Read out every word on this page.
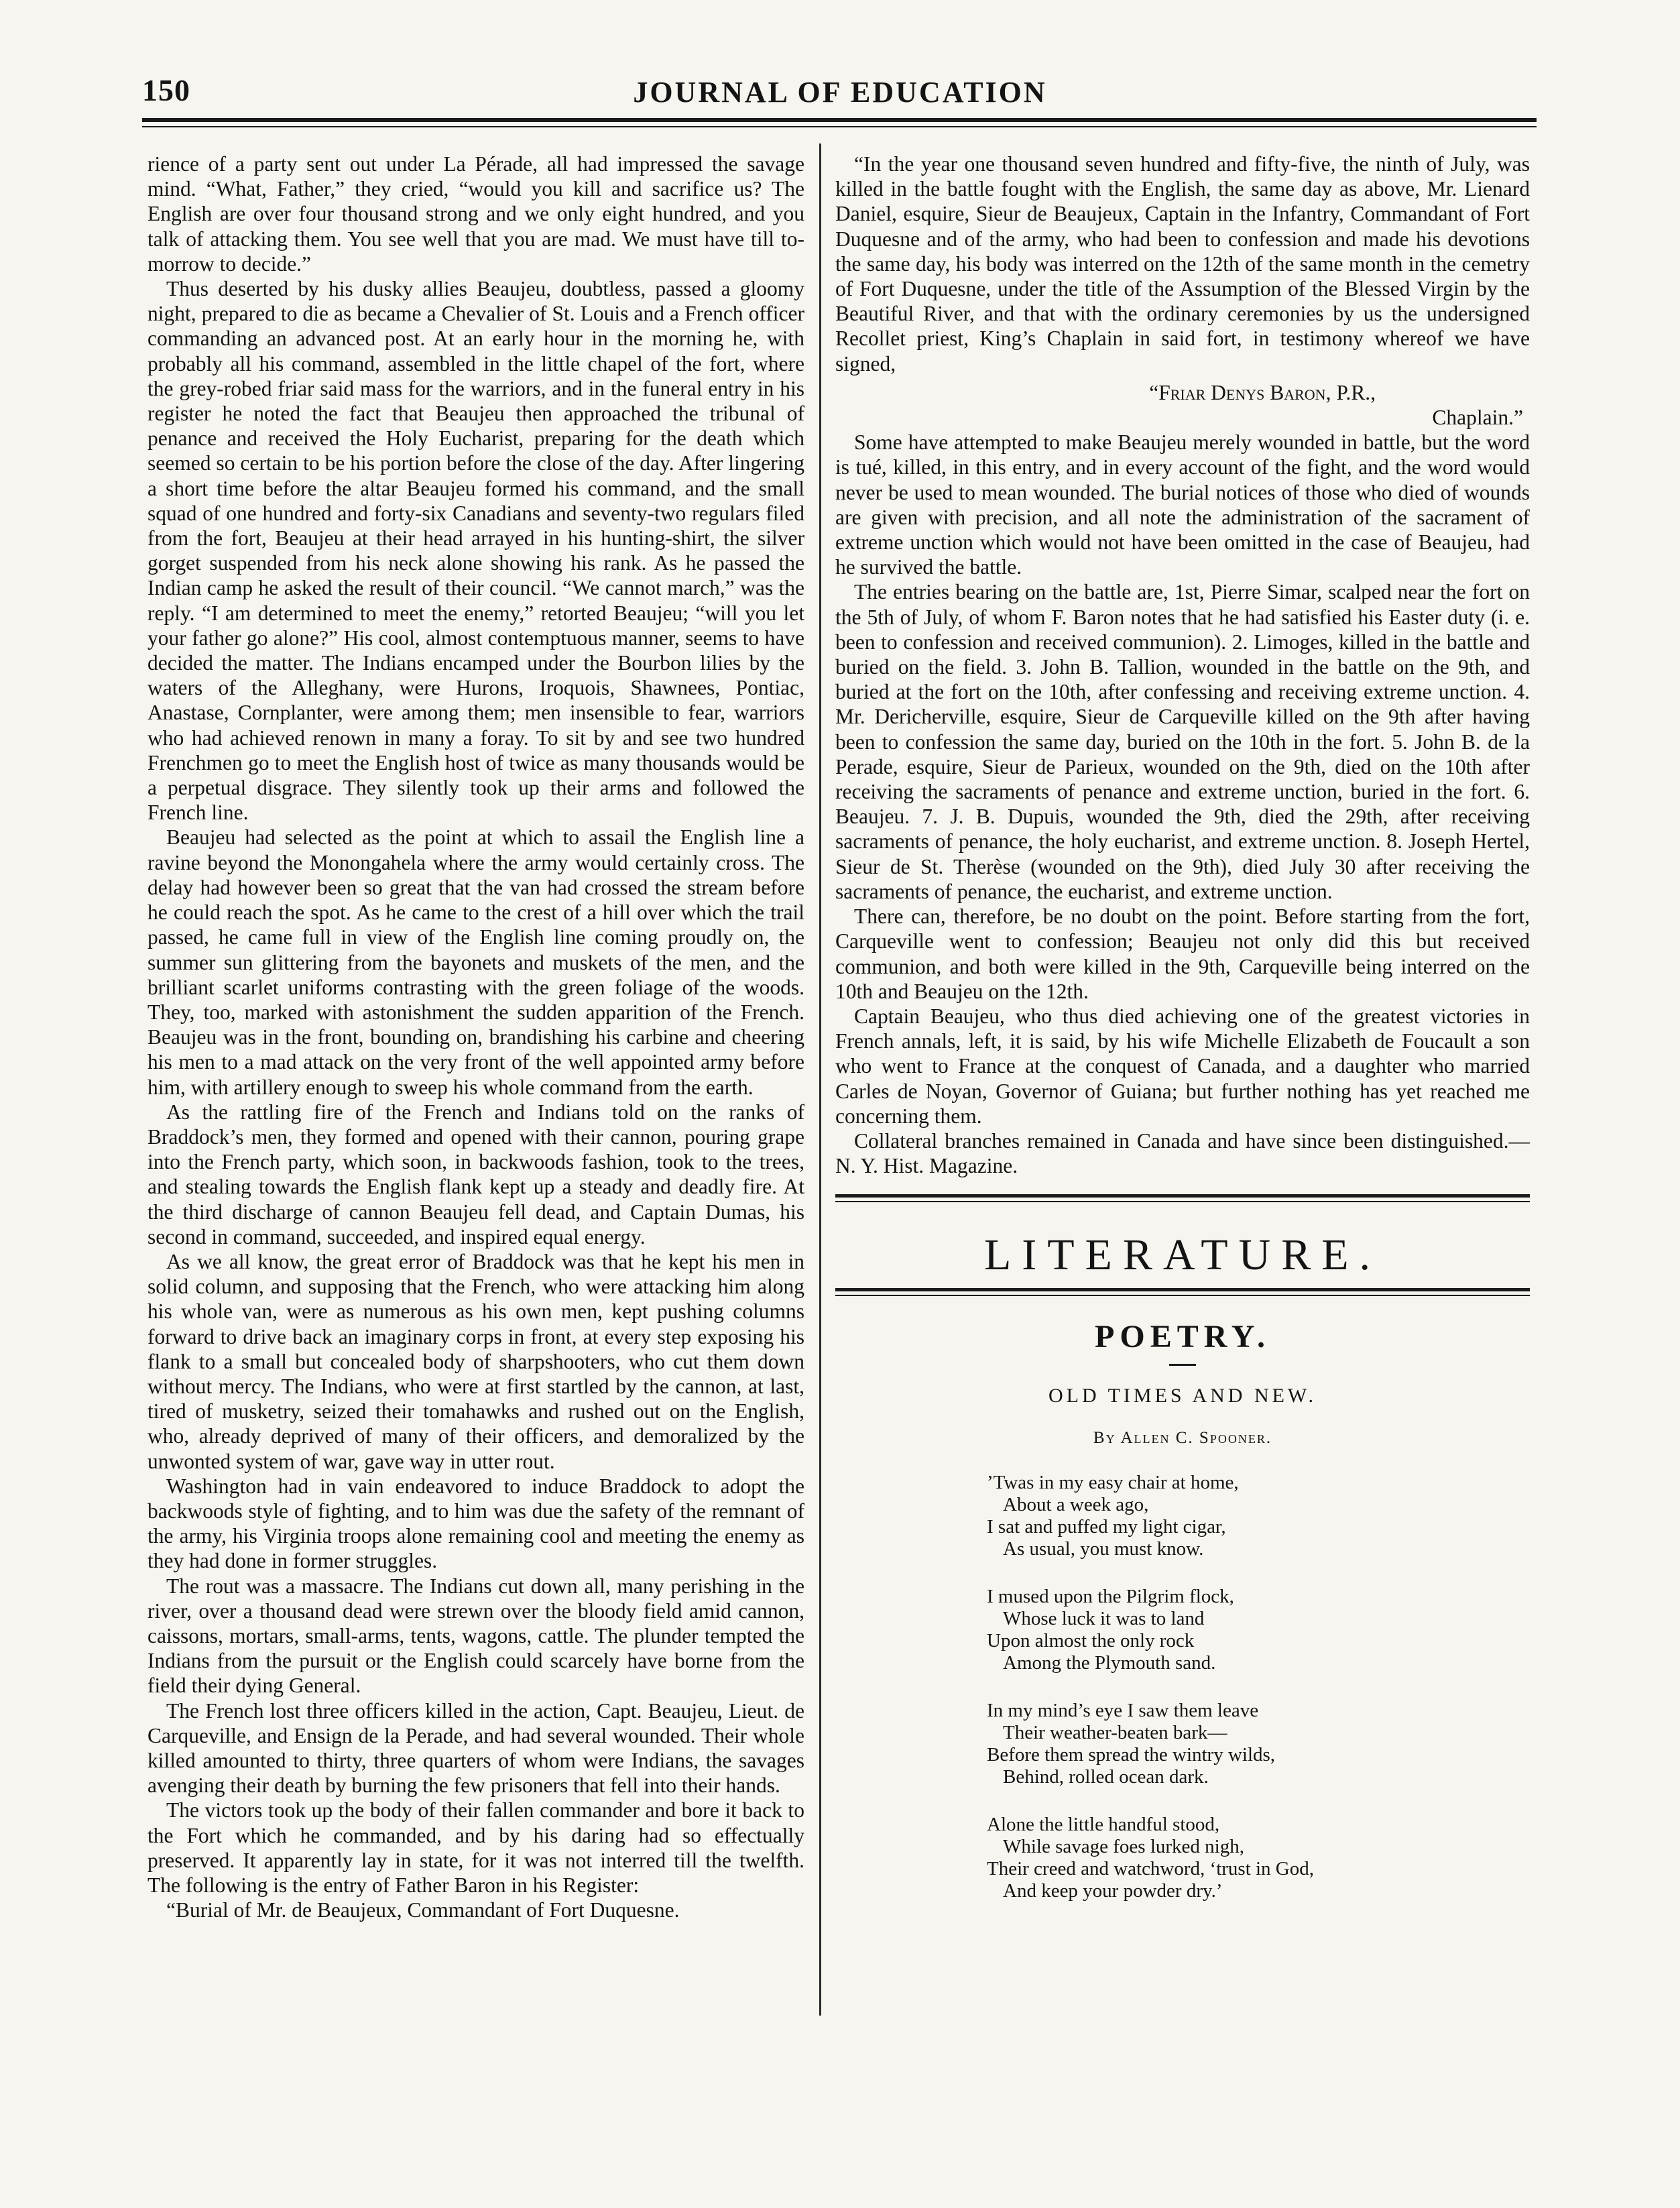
150	JOURNAL OF EDUCATION

rience of a party sent out under La Pérade, all had impressed the savage mind. “What, Father,” they cried, “would you kill and sacrifice us? The English are over four thousand strong and we only eight hundred, and you talk of attacking them. You see well that you are mad. We must have till to-morrow to decide.”

Thus deserted by his dusky allies Beaujeu, doubtless, passed a gloomy night, prepared to die as became a Chevalier of St. Louis and a French officer commanding an advanced post. At an early hour in the morning he, with probably all his command, assembled in the little chapel of the fort, where the grey-robed friar said mass for the warriors, and in the funeral entry in his register he noted the fact that Beaujeu then approached the tribunal of penance and received the Holy Eucharist, preparing for the death which seemed so certain to be his portion before the close of the day. After lingering a short time before the altar Beaujeu formed his command, and the small squad of one hundred and forty-six Canadians and seventy-two regulars filed from the fort, Beaujeu at their head arrayed in his hunting-shirt, the silver gorget suspended from his neck alone showing his rank. As he passed the Indian camp he asked the result of their council. “We cannot march,” was the reply. “I am determined to meet the enemy,” retorted Beaujeu; “will you let your father go alone?” His cool, almost contemptuous manner, seems to have decided the matter. The Indians encamped under the Bourbon lilies by the waters of the Alleghany, were Hurons, Iroquois, Shawnees, Pontiac, Anastase, Cornplanter, were among them; men insensible to fear, warriors who had achieved renown in many a foray. To sit by and see two hundred Frenchmen go to meet the English host of twice as many thousands would be a perpetual disgrace. They silently took up their arms and followed the French line.

Beaujeu had selected as the point at which to assail the English line a ravine beyond the Monongahela where the army would certainly cross. The delay had however been so great that the van had crossed the stream before he could reach the spot. As he came to the crest of a hill over which the trail passed, he came full in view of the English line coming proudly on, the summer sun glittering from the bayonets and muskets of the men, and the brilliant scarlet uniforms contrasting with the green foliage of the woods. They, too, marked with astonishment the sudden apparition of the French. Beaujeu was in the front, bounding on, brandishing his carbine and cheering his men to a mad attack on the very front of the well appointed army before him, with artillery enough to sweep his whole command from the earth.

As the rattling fire of the French and Indians told on the ranks of Braddock’s men, they formed and opened with their cannon, pouring grape into the French party, which soon, in backwoods fashion, took to the trees, and stealing towards the English flank kept up a steady and deadly fire. At the third discharge of cannon Beaujeu fell dead, and Captain Dumas, his second in command, succeeded, and inspired equal energy.

As we all know, the great error of Braddock was that he kept his men in solid column, and supposing that the French, who were attacking him along his whole van, were as numerous as his own men, kept pushing columns forward to drive back an imaginary corps in front, at every step exposing his flank to a small but concealed body of sharpshooters, who cut them down without mercy. The Indians, who were at first startled by the cannon, at last, tired of musketry, seized their tomahawks and rushed out on the English, who, already deprived of many of their officers, and demoralized by the unwonted system of war, gave way in utter rout.

Washington had in vain endeavored to induce Braddock to adopt the backwoods style of fighting, and to him was due the safety of the remnant of the army, his Virginia troops alone remaining cool and meeting the enemy as they had done in former struggles.

The rout was a massacre. The Indians cut down all, many perishing in the river, over a thousand dead were strewn over the bloody field amid cannon, caissons, mortars, small-arms, tents, wagons, cattle. The plunder tempted the Indians from the pursuit or the English could scarcely have borne from the field their dying General.

The French lost three officers killed in the action, Capt. Beaujeu, Lieut. de Carqueville, and Ensign de la Perade, and had several wounded. Their whole killed amounted to thirty, three quarters of whom were Indians, the savages avenging their death by burning the few prisoners that fell into their hands.

The victors took up the body of their fallen commander and bore it back to the Fort which he commanded, and by his daring had so effectually preserved. It apparently lay in state, for it was not interred till the twelfth. The following is the entry of Father Baron in his Register:

“Burial of Mr. de Beaujeux, Commandant of Fort Duquesne.

“In the year one thousand seven hundred and fifty-five, the ninth of July, was killed in the battle fought with the English, the same day as above, Mr. Lienard Daniel, esquire, Sieur de Beaujeux, Captain in the Infantry, Commandant of Fort Duquesne and of the army, who had been to confession and made his devotions the same day, his body was interred on the 12th of the same month in the cemetry of Fort Duquesne, under the title of the Assumption of the Blessed Virgin by the Beautiful River, and that with the ordinary ceremonies by us the undersigned Recollet priest, King’s Chaplain in said fort, in testimony whereof we have signed,

“Friar Denys Baron, P.R.,
Chaplain.”

Some have attempted to make Beaujeu merely wounded in battle, but the word is tué, killed, in this entry, and in every account of the fight, and the word would never be used to mean wounded. The burial notices of those who died of wounds are given with precision, and all note the administration of the sacrament of extreme unction which would not have been omitted in the case of Beaujeu, had he survived the battle.

The entries bearing on the battle are, 1st, Pierre Simar, scalped near the fort on the 5th of July, of whom F. Baron notes that he had satisfied his Easter duty (i. e. been to confession and received communion). 2. Limoges, killed in the battle and buried on the field. 3. John B. Tallion, wounded in the battle on the 9th, and buried at the fort on the 10th, after confessing and receiving extreme unction. 4. Mr. Dericherville, esquire, Sieur de Carqueville killed on the 9th after having been to confession the same day, buried on the 10th in the fort. 5. John B. de la Perade, esquire, Sieur de Parieux, wounded on the 9th, died on the 10th after receiving the sacraments of penance and extreme unction, buried in the fort. 6. Beaujeu. 7. J. B. Dupuis, wounded the 9th, died the 29th, after receiving sacraments of penance, the holy eucharist, and extreme unction. 8. Joseph Hertel, Sieur de St. Therèse (wounded on the 9th), died July 30 after receiving the sacraments of penance, the eucharist, and extreme unction.

There can, therefore, be no doubt on the point. Before starting from the fort, Carqueville went to confession; Beaujeu not only did this but received communion, and both were killed in the 9th, Carqueville being interred on the 10th and Beaujeu on the 12th.

Captain Beaujeu, who thus died achieving one of the greatest victories in French annals, left, it is said, by his wife Michelle Elizabeth de Foucault a son who went to France at the conquest of Canada, and a daughter who married Carles de Noyan, Governor of Guiana; but further nothing has yet reached me concerning them.

Collateral branches remained in Canada and have since been distinguished.—N. Y. Hist. Magazine.

LITERATURE.
POETRY.
OLD TIMES AND NEW.
By Allen C. Spooner.
’Twas in my easy chair at home,
About a week ago,
I sat and puffed my light cigar,
As usual, you must know.
I mused upon the Pilgrim flock,
Whose luck it was to land
Upon almost the only rock
Among the Plymouth sand.
In my mind’s eye I saw them leave
Their weather-beaten bark—
Before them spread the wintry wilds,
Behind, rolled ocean dark.
Alone the little handful stood,
While savage foes lurked nigh,
Their creed and watchword, ‘trust in God,
And keep your powder dry.’
